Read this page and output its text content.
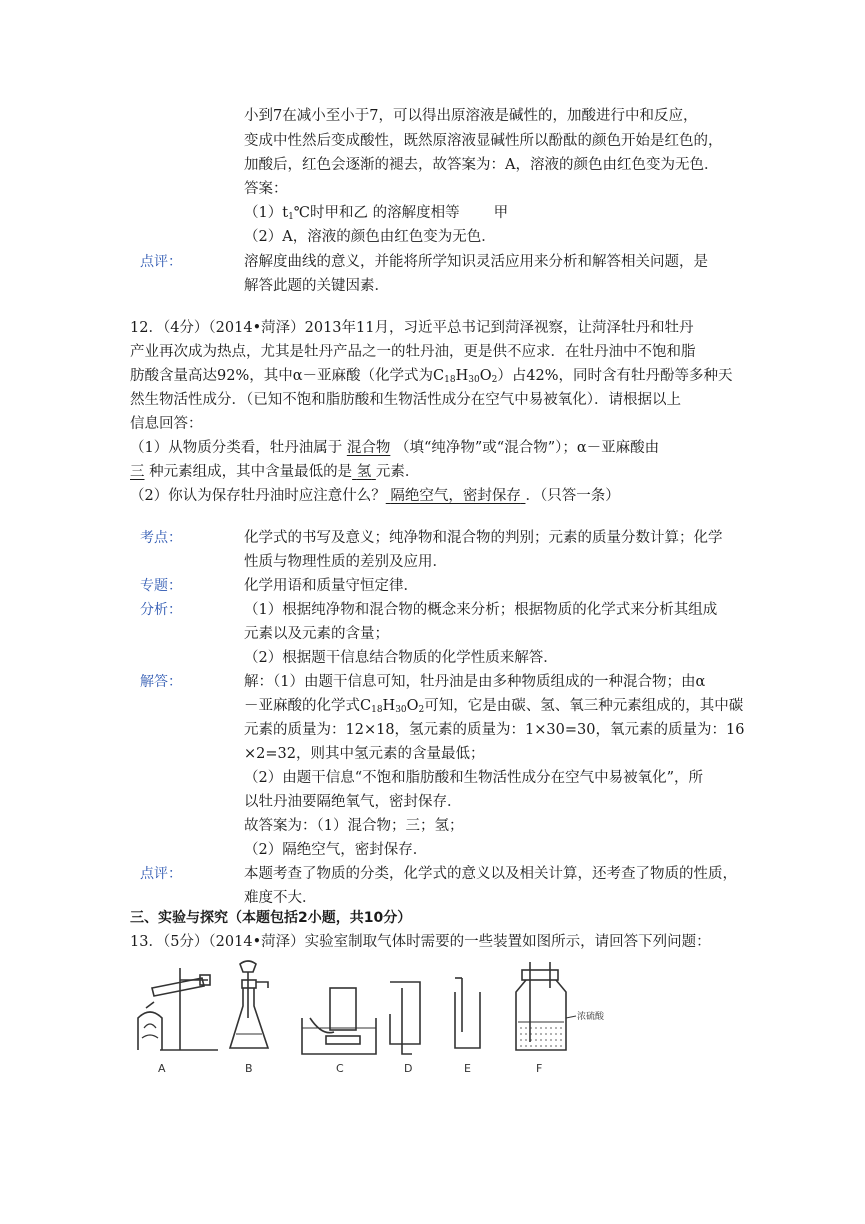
小到7在减小至小于7，可以得出原溶液是碱性的，加酸进行中和反应，
变成中性然后变成酸性，既然原溶液显碱性所以酚酞的颜色开始是红色的，
加酸后，红色会逐渐的褪去，故答案为：A，溶液的颜色由红色变为无色．
答案：
$(1)t_1℃$时甲和乙 的溶解度相等 甲
（2）A，溶液的颜色由红色变为无色．
点评：	溶解度曲线的意义，并能将所学知识灵活应用来分析和解答相关问题，是
解答此题的关键因素．
12．（4分）（2014•菏泽）2013年11月，习近平总书记到菏泽视察，让菏泽牡丹和牡丹
产业再次成为热点，尤其是牡丹产品之一的牡丹油，更是供不应求．在牡丹油中不饱和脂
肪酸含量高达92%，其中α－亚麻酸（化学式为$C_{18}H_{30}O_2$）占42%，同时含有牡丹酚等多种天
然生物活性成分．（已知不饱和脂肪酸和生物活性成分在空气中易被氧化）．请根据以上
信息回答：
（1）从物质分类看，牡丹油属于 混合物 （填“纯净物”或“混合物”）；α－亚麻酸由
三 种元素组成，其中含量最低的是 氢 元素．
（2）你认为保存牡丹油时应注意什么？ 隔绝空气，密封保存 ．（只答一条）
考点：	化学式的书写及意义；纯净物和混合物的判别；元素的质量分数计算；化学
性质与物理性质的差别及应用．
专题：	化学用语和质量守恒定律．
分析：	（1）根据纯净物和混合物的概念来分析；根据物质的化学式来分析其组成
元素以及元素的含量；
（2）根据题干信息结合物质的化学性质来解答．
解答：	解：（1）由题干信息可知，牡丹油是由多种物质组成的一种混合物；由α
－亚麻酸的化学式$C_{18}H_{30}O_2$可知，它是由碳、氢、氧三种元素组成的，其中碳
元素的质量为：12×18，氢元素的质量为：1×30=30，氧元素的质量为：16
×2=32，则其中氢元素的含量最低；
（2）由题干信息“不饱和脂肪酸和生物活性成分在空气中易被氧化”，所
以牡丹油要隔绝氧气，密封保存．
故答案为：（1）混合物；三；氢；
（2）隔绝空气，密封保存．
点评：	本题考查了物质的分类，化学式的意义以及相关计算，还考查了物质的性质，
难度不大．
三、实验与探究（本题包括2小题，共10分）
13．（5分）（2014•菏泽）实验室制取气体时需要的一些装置如图所示，请回答下列问题：
A	B	C	D	E	F
浓硫酸
